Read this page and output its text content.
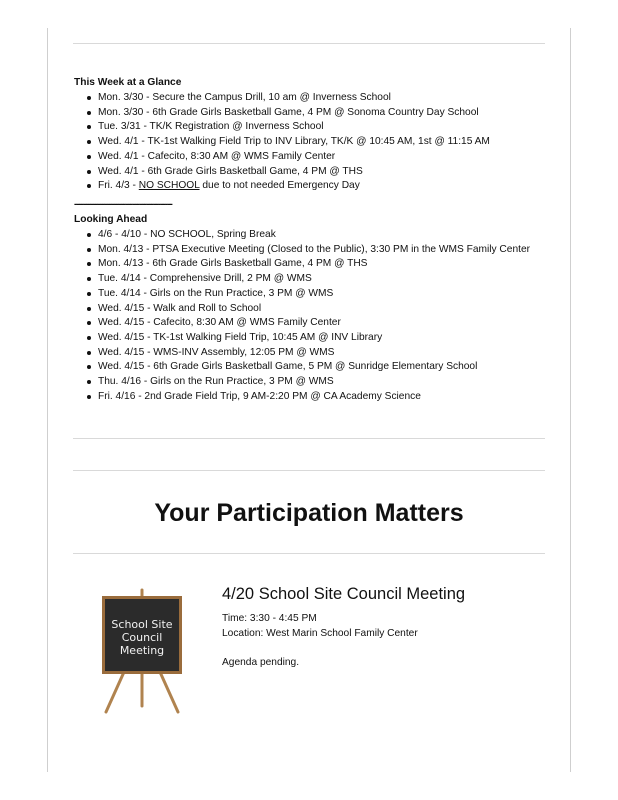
This Week at a Glance
Mon. 3/30 - Secure the Campus Drill, 10 am @ Inverness School
Mon. 3/30 - 6th Grade Girls Basketball Game, 4 PM @ Sonoma Country Day School
Tue. 3/31 - TK/K Registration @ Inverness School
Wed. 4/1 - TK-1st Walking Field Trip to INV Library, TK/K @ 10:45 AM, 1st @ 11:15 AM
Wed. 4/1 - Cafecito, 8:30 AM @ WMS Family Center
Wed. 4/1 - 6th Grade Girls Basketball Game, 4 PM @ THS
Fri. 4/3 - NO SCHOOL due to not needed Emergency Day
------------------------------------------
Looking Ahead
4/6 - 4/10 - NO SCHOOL, Spring Break
Mon. 4/13 - PTSA Executive Meeting (Closed to the Public), 3:30 PM in the WMS Family Center
Mon. 4/13 - 6th Grade Girls Basketball Game, 4 PM @ THS
Tue. 4/14 - Comprehensive Drill, 2 PM @ WMS
Tue. 4/14 - Girls on the Run Practice, 3 PM @ WMS
Wed. 4/15 - Walk and Roll to School
Wed. 4/15 - Cafecito, 8:30 AM @ WMS Family Center
Wed. 4/15 - TK-1st Walking Field Trip, 10:45 AM @ INV Library
Wed. 4/15 - WMS-INV Assembly, 12:05 PM @ WMS
Wed. 4/15 - 6th Grade Girls Basketball Game, 5 PM @ Sunridge Elementary School
Thu. 4/16 - Girls on the Run Practice, 3 PM @ WMS
Fri. 4/16 - 2nd Grade Field Trip, 9 AM-2:20 PM @ CA Academy Science
Your Participation Matters
School Site
Council
Meeting
4/20 School Site Council Meeting

Time: 3:30 - 4:45 PM

Location: West Marin School Family Center

Agenda pending.
